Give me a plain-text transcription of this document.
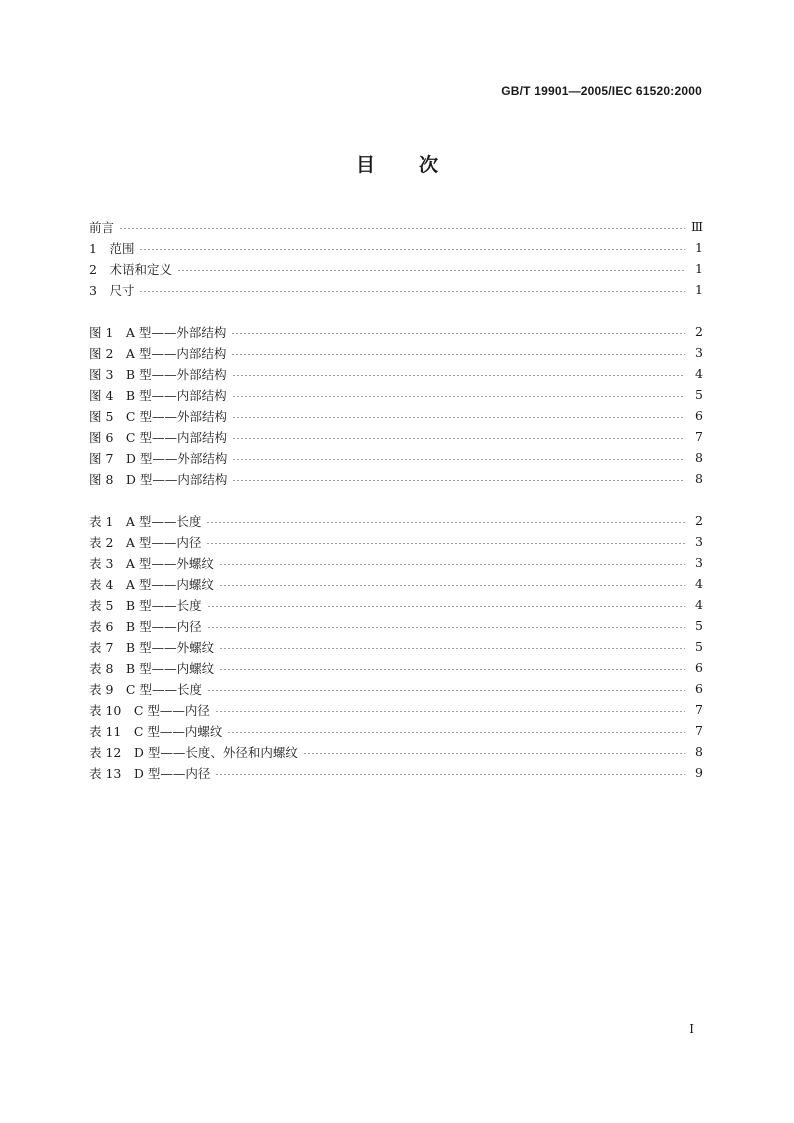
GB/T 19901—2005/IEC 61520:2000
目 次
前言	Ⅲ
1　范围	1
2　术语和定义	1
3　尺寸	1
图 1　A 型——外部结构	2
图 2　A 型——内部结构	3
图 3　B 型——外部结构	4
图 4　B 型——内部结构	5
图 5　C 型——外部结构	6
图 6　C 型——内部结构	7
图 7　D 型——外部结构	8
图 8　D 型——内部结构	8
表 1　A 型——长度	2
表 2　A 型——内径	3
表 3　A 型——外螺纹	3
表 4　A 型——内螺纹	4
表 5　B 型——长度	4
表 6　B 型——内径	5
表 7　B 型——外螺纹	5
表 8　B 型——内螺纹	6
表 9　C 型——长度	6
表 10　C 型——内径	7
表 11　C 型——内螺纹	7
表 12　D 型——长度、外径和内螺纹	8
表 13　D 型——内径	9
I
